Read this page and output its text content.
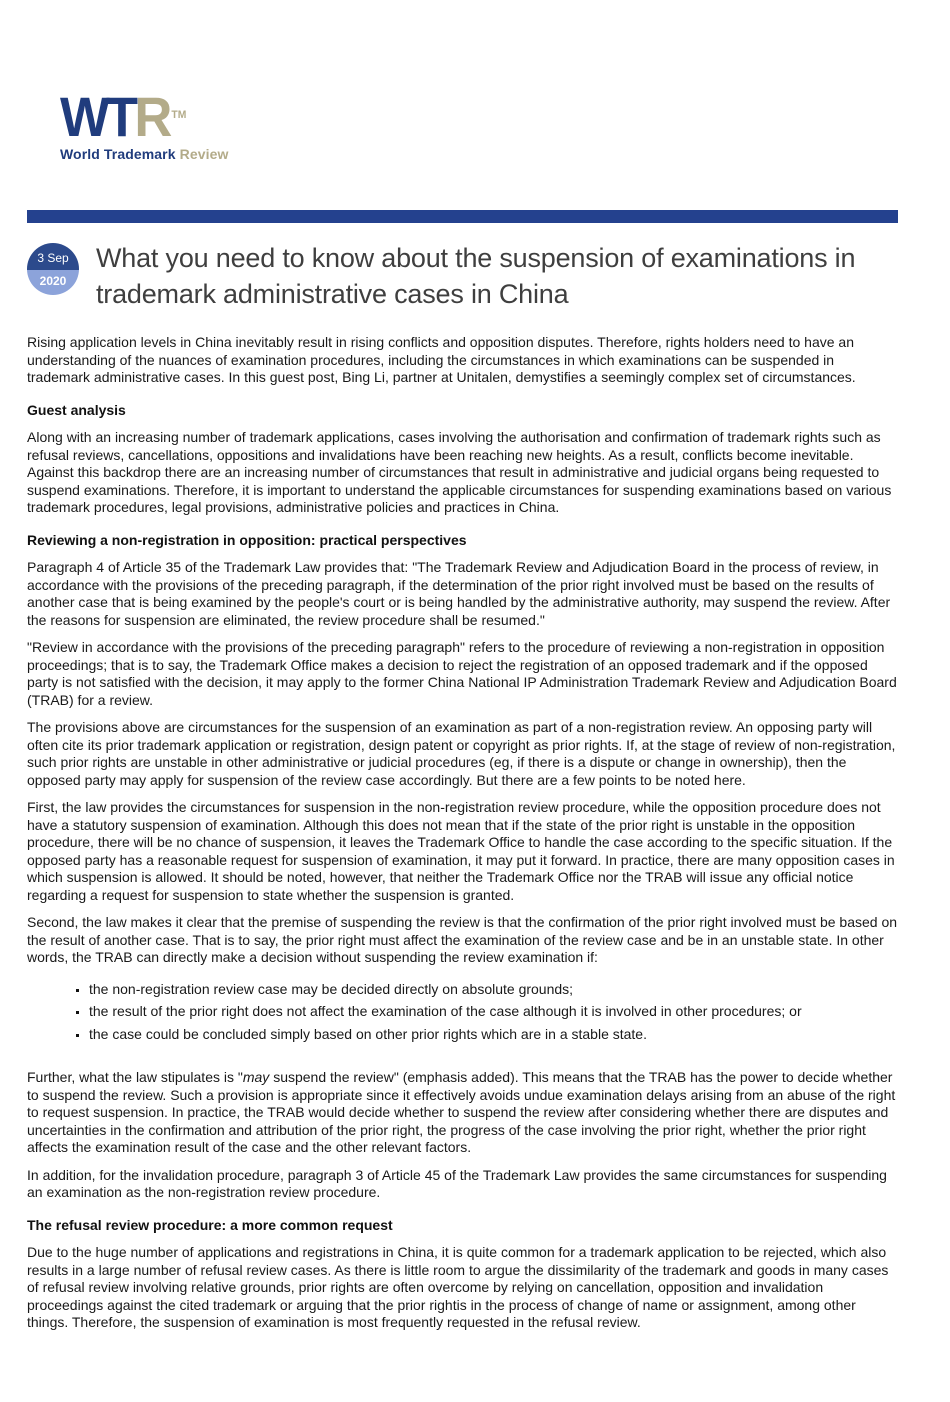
WTR ™
World Trademark Review
3 Sep
2020
What you need to know about the suspension of examinations in trademark administrative cases in China

Rising application levels in China inevitably result in rising conflicts and opposition disputes. Therefore, rights holders need to have an understanding of the nuances of examination procedures, including the circumstances in which examinations can be suspended in trademark administrative cases. In this guest post, Bing Li, partner at Unitalen, demystifies a seemingly complex set of circumstances.

Guest analysis

Along with an increasing number of trademark applications, cases involving the authorisation and confirmation of trademark rights such as refusal reviews, cancellations, oppositions and invalidations have been reaching new heights. As a result, conflicts become inevitable. Against this backdrop there are an increasing number of circumstances that result in administrative and judicial organs being requested to suspend examinations. Therefore, it is important to understand the applicable circumstances for suspending examinations based on various trademark procedures, legal provisions, administrative policies and practices in China.

Reviewing a non-registration in opposition: practical perspectives

Paragraph 4 of Article 35 of the Trademark Law provides that: "The Trademark Review and Adjudication Board in the process of review, in accordance with the provisions of the preceding paragraph, if the determination of the prior right involved must be based on the results of another case that is being examined by the people's court or is being handled by the administrative authority, may suspend the review. After the reasons for suspension are eliminated, the review procedure shall be resumed."

"Review in accordance with the provisions of the preceding paragraph" refers to the procedure of reviewing a non-registration in opposition proceedings; that is to say, the Trademark Office makes a decision to reject the registration of an opposed trademark and if the opposed party is not satisfied with the decision, it may apply to the former China National IP Administration Trademark Review and Adjudication Board (TRAB) for a review.

The provisions above are circumstances for the suspension of an examination as part of a non-registration review. An opposing party will often cite its prior trademark application or registration, design patent or copyright as prior rights. If, at the stage of review of non-registration, such prior rights are unstable in other administrative or judicial procedures (eg, if there is a dispute or change in ownership), then the opposed party may apply for suspension of the review case accordingly. But there are a few points to be noted here.

First, the law provides the circumstances for suspension in the non-registration review procedure, while the opposition procedure does not have a statutory suspension of examination. Although this does not mean that if the state of the prior right is unstable in the opposition procedure, there will be no chance of suspension, it leaves the Trademark Office to handle the case according to the specific situation. If the opposed party has a reasonable request for suspension of examination, it may put it forward. In practice, there are many opposition cases in which suspension is allowed. It should be noted, however, that neither the Trademark Office nor the TRAB will issue any official notice regarding a request for suspension to state whether the suspension is granted.

Second, the law makes it clear that the premise of suspending the review is that the confirmation of the prior right involved must be based on the result of another case. That is to say, the prior right must affect the examination of the review case and be in an unstable state. In other words, the TRAB can directly make a decision without suspending the review examination if:

▪ the non-registration review case may be decided directly on absolute grounds;
▪ the result of the prior right does not affect the examination of the case although it is involved in other procedures; or
▪ the case could be concluded simply based on other prior rights which are in a stable state.

Further, what the law stipulates is "may suspend the review" (emphasis added). This means that the TRAB has the power to decide whether to suspend the review. Such a provision is appropriate since it effectively avoids undue examination delays arising from an abuse of the right to request suspension. In practice, the TRAB would decide whether to suspend the review after considering whether there are disputes and uncertainties in the confirmation and attribution of the prior right, the progress of the case involving the prior right, whether the prior right affects the examination result of the case and the other relevant factors.

In addition, for the invalidation procedure, paragraph 3 of Article 45 of the Trademark Law provides the same circumstances for suspending an examination as the non-registration review procedure.

The refusal review procedure: a more common request

Due to the huge number of applications and registrations in China, it is quite common for a trademark application to be rejected, which also results in a large number of refusal review cases. As there is little room to argue the dissimilarity of the trademark and goods in many cases of refusal review involving relative grounds, prior rights are often overcome by relying on cancellation, opposition and invalidation proceedings against the cited trademark or arguing that the prior rightis in the process of change of name or assignment, among other things. Therefore, the suspension of examination is most frequently requested in the refusal review.
